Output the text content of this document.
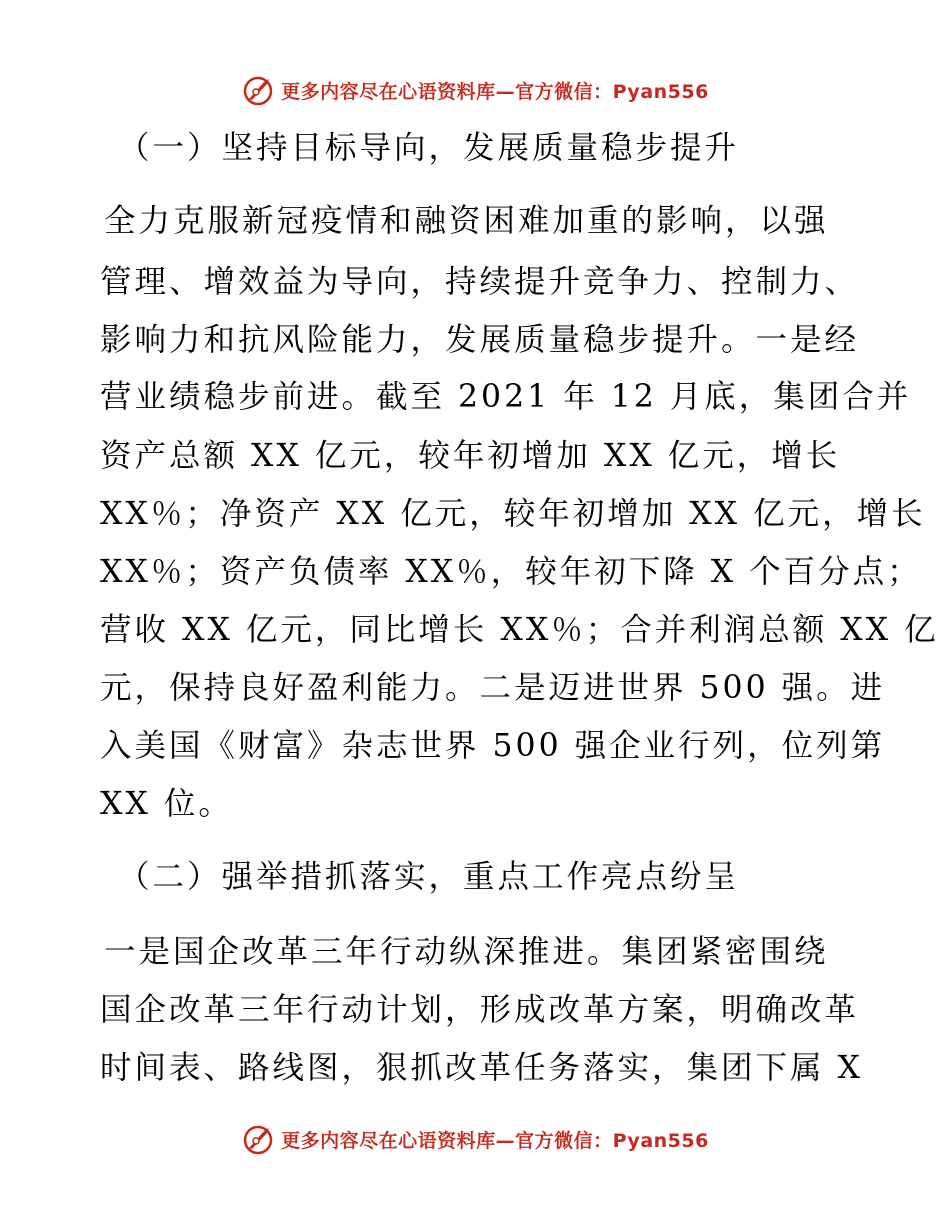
更多内容尽在心语资料库—官方微信：Pyan556
（一）坚持目标导向，发展质量稳步提升
全力克服新冠疫情和融资困难加重的影响，以强
管理、增效益为导向，持续提升竞争力、控制力、
影响力和抗风险能力，发展质量稳步提升。一是经
营业绩稳步前进。截至 2021 年 12 月底，集团合并
资产总额 XX 亿元，较年初增加 XX 亿元，增长
XX％；净资产 XX 亿元，较年初增加 XX 亿元，增长
XX％；资产负债率 XX％，较年初下降 X 个百分点；
营收 XX 亿元，同比增长 XX％；合并利润总额 XX 亿
元，保持良好盈利能力。二是迈进世界 500 强。进
入美国《财富》杂志世界 500 强企业行列，位列第
XX 位。
（二）强举措抓落实，重点工作亮点纷呈
一是国企改革三年行动纵深推进。集团紧密围绕
国企改革三年行动计划，形成改革方案，明确改革
时间表、路线图，狠抓改革任务落实，集团下属 X
更多内容尽在心语资料库—官方微信：Pyan556
